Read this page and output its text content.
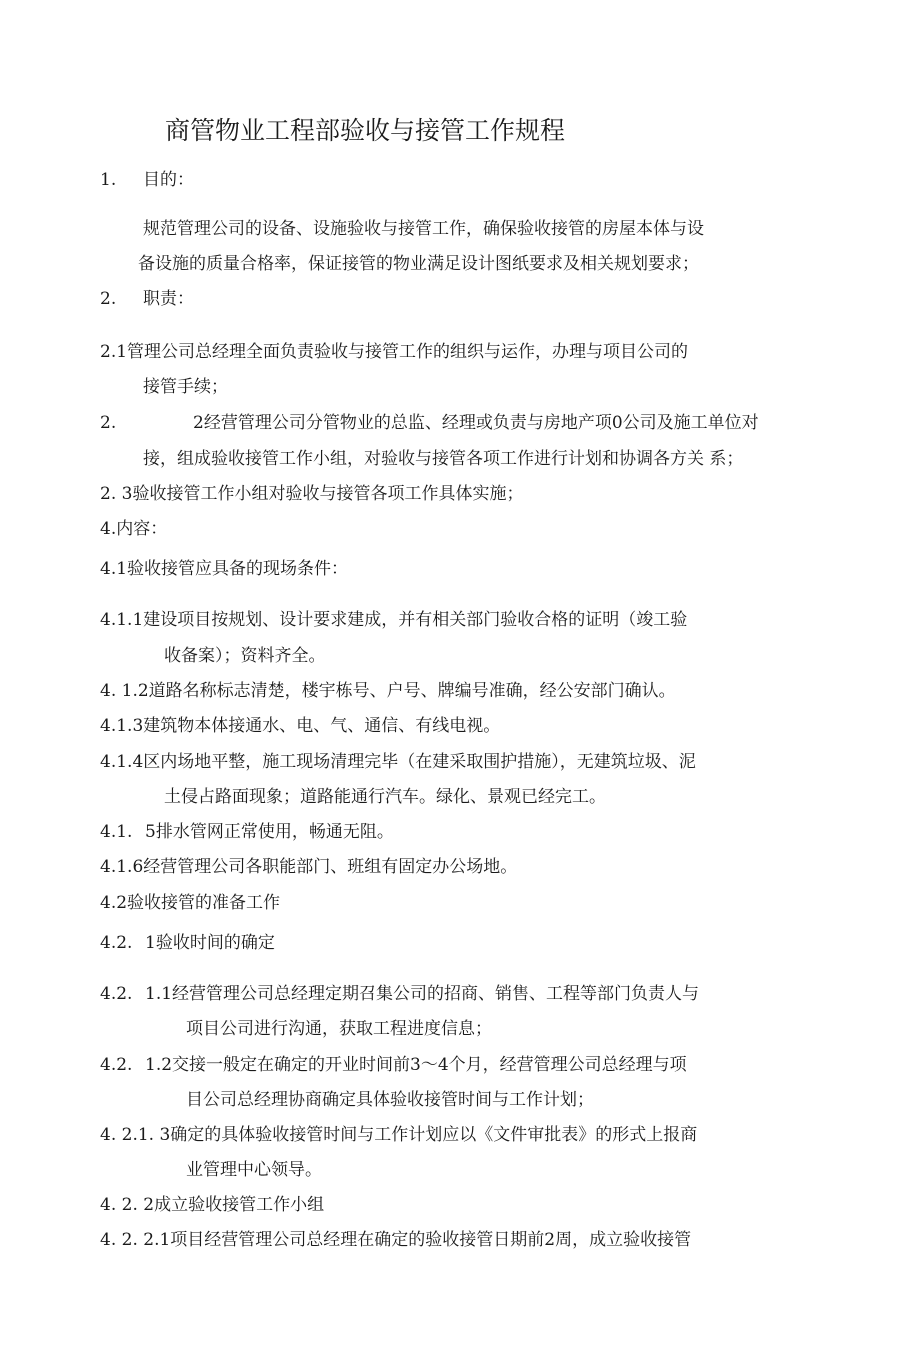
商管物业工程部验收与接管工作规程
1. 目的：
规范管理公司的设备、设施验收与接管工作，确保验收接管的房屋本体与设
备设施的质量合格率，保证接管的物业满足设计图纸要求及相关规划要求；
2. 职责：
2.1管理公司总经理全面负责验收与接管工作的组织与运作，办理与项目公司的
接管手续；
2.	2经营管理公司分管物业的总监、经理或负责与房地产项0公司及施工单位对
接，组成验收接管工作小组，对验收与接管各项工作进行计划和协调各方关 系；
2. 3验收接管工作小组对验收与接管各项工作具体实施；
4.内容：
4.1验收接管应具备的现场条件：
4.1.1建设项目按规划、设计要求建成，并有相关部门验收合格的证明（竣工验
收备案）；资料齐全。
4. 1.2道路名称标志清楚，楼宇栋号、户号、牌编号准确，经公安部门确认。
4.1.3建筑物本体接通水、电、气、通信、有线电视。
4.1.4区内场地平整，施工现场清理完毕（在建采取围护措施），无建筑垃圾、泥
土侵占路面现象；道路能通行汽车。绿化、景观已经完工。
4.1. 5排水管网正常使用，畅通无阻。
4.1.6经营管理公司各职能部门、班组有固定办公场地。
4.2验收接管的准备工作
4.2. 1验收时间的确定
4.2. 1.1经营管理公司总经理定期召集公司的招商、销售、工程等部门负责人与
项目公司进行沟通，获取工程进度信息；
4.2. 1.2交接一般定在确定的开业时间前3～4个月，经营管理公司总经理与项
目公司总经理协商确定具体验收接管时间与工作计划；
4. 2.1. 3确定的具体验收接管时间与工作计划应以《文件审批表》的形式上报商
业管理中心领导。
4. 2. 2成立验收接管工作小组
4. 2. 2.1项目经营管理公司总经理在确定的验收接管日期前2周，成立验收接管
